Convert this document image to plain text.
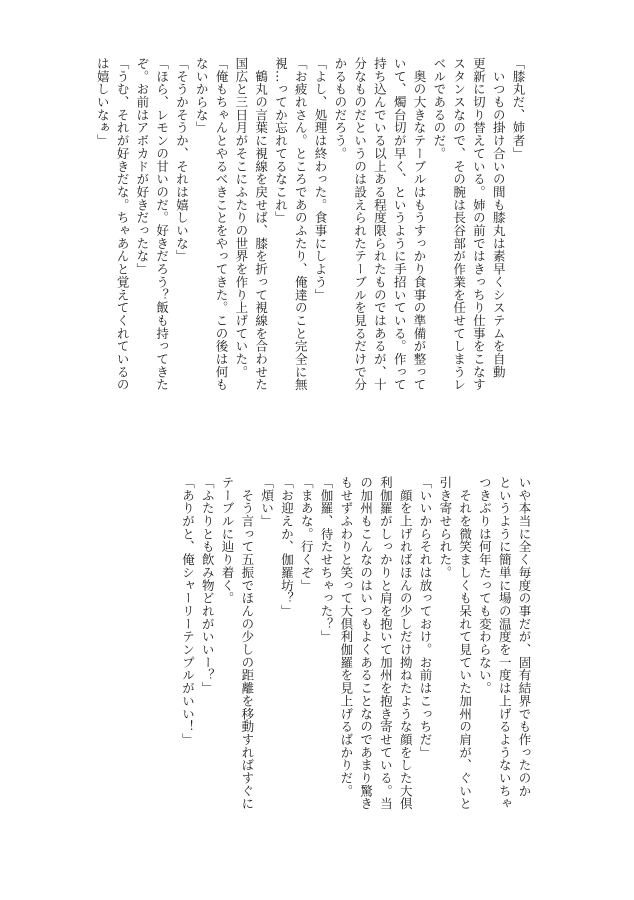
「膝丸だ、姉者」
　いつもの掛け合いの間も膝丸は素早くシステムを自動
更新に切り替えている。姉の前ではきっちり仕事をこなす
スタンスなので、その腕は長谷部が作業を任せてしまうレ
ベルであるのだ。
　奥の大きなテーブルはもうすっかり食事の準備が整って
いて、燭台切が早く、というように手招いている。作って
持ち込んでいる以上ある程度限られたものではあるが、十
分なものだというのは設えられたテーブルを見るだけで分
かるものだろう。
「よし、処理は終わった。食事にしよう」
「お疲れさん。ところであのふたり、俺達のこと完全に無
視…ってか忘れてるなこれ」
　鶴丸の言葉に視線を戻せば、膝を折って視線を合わせた
国広と三日月がそこにふたりの世界を作り上げていた。
「俺もちゃんとやるべきことをやってきた。この後は何も
ないからな」
「そうかそうか、それは嬉しいな」
「ほら、レモンの甘いのだ。好きだろう？飯も持ってきた
ぞ。お前はアボカドが好きだったな」
「うむ、それが好きだな。ちゃあんと覚えてくれているの
は嬉しいなぁ」
いや本当に全く毎度の事だが、固有結界でも作ったのか
というように簡単に場の温度を一度は上げるようないちゃ
つきぶりは何年たっても変わらない。
　それを微笑ましくも呆れて見ていた加州の肩が、ぐいと
引き寄せられた。
「いいからそれは放っておけ。お前はこっちだ」
　顔を上げればほんの少しだけ拗ねたような顔をした大倶
利伽羅がしっかりと肩を抱いて加州を抱き寄せている。当
の加州もこんなのはいつもよくあることなのであまり驚き
もせずふわりと笑って大倶利伽羅を見上げるばかりだ。
「伽羅、待たせちゃった？」
「まあな。行くぞ」
「お迎えか、伽羅坊？」
「煩い」
　そう言って五振でほんの少しの距離を移動すればすぐに
テーブルに辿り着く。
「ふたりとも飲み物どれがいいー？」
「ありがと、俺シャーリーテンプルがいい！」
